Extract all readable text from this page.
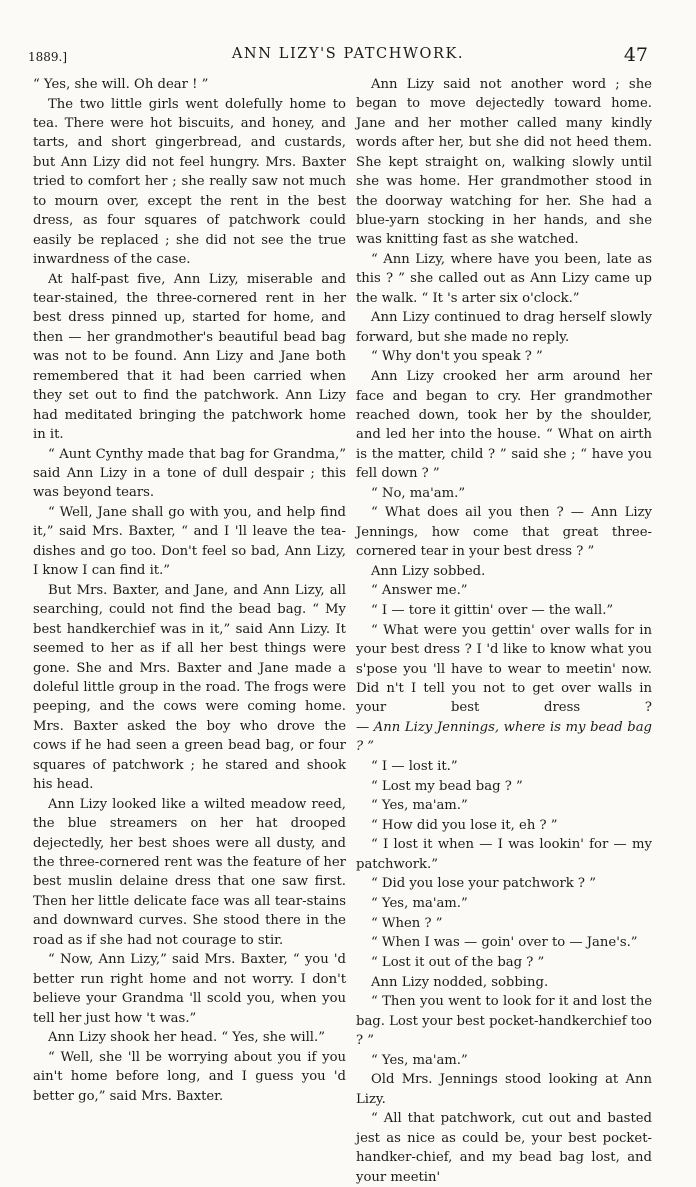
1889.]	ANN LIZY'S PATCHWORK.	47

“ Yes, she will. Oh dear ! ”

The two little girls went dolefully home to tea. There were hot biscuits, and honey, and tarts, and short gingerbread, and custards, but Ann Lizy did not feel hungry. Mrs. Baxter tried to comfort her ; she really saw not much to mourn over, except the rent in the best dress, as four squares of patchwork could easily be replaced ; she did not see the true inwardness of the case.

At half-past five, Ann Lizy, miserable and tear-stained, the three-cornered rent in her best dress pinned up, started for home, and then — her grandmother's beautiful bead bag was not to be found. Ann Lizy and Jane both remembered that it had been carried when they set out to find the patchwork. Ann Lizy had meditated bringing the patchwork home in it.

“ Aunt Cynthy made that bag for Grandma,” said Ann Lizy in a tone of dull despair ; this was beyond tears.

“ Well, Jane shall go with you, and help find it,” said Mrs. Baxter, “ and I 'll leave the tea-dishes and go too. Don't feel so bad, Ann Lizy, I know I can find it.”

But Mrs. Baxter, and Jane, and Ann Lizy, all searching, could not find the bead bag. “ My best handkerchief was in it,” said Ann Lizy. It seemed to her as if all her best things were gone. She and Mrs. Baxter and Jane made a doleful little group in the road. The frogs were peeping, and the cows were coming home. Mrs. Baxter asked the boy who drove the cows if he had seen a green bead bag, or four squares of patchwork ; he stared and shook his head.

Ann Lizy looked like a wilted meadow reed, the blue streamers on her hat drooped dejectedly, her best shoes were all dusty, and the three-cornered rent was the feature of her best muslin delaine dress that one saw first. Then her little delicate face was all tear-stains and downward curves. She stood there in the road as if she had not courage to stir.

“ Now, Ann Lizy,” said Mrs. Baxter, “ you 'd better run right home and not worry. I don't believe your Grandma 'll scold you, when you tell her just how 't was.”

Ann Lizy shook her head. “ Yes, she will.”

“ Well, she 'll be worrying about you if you ain't home before long, and I guess you 'd better go,” said Mrs. Baxter.

Ann Lizy said not another word ; she began to move dejectedly toward home. Jane and her mother called many kindly words after her, but she did not heed them. She kept straight on, walking slowly until she was home. Her grandmother stood in the doorway watching for her. She had a blue-yarn stocking in her hands, and she was knitting fast as she watched.

“ Ann Lizy, where have you been, late as this ? ” she called out as Ann Lizy came up the walk. “ It 's arter six o'clock.”

Ann Lizy continued to drag herself slowly forward, but she made no reply.

“ Why don't you speak ? ”

Ann Lizy crooked her arm around her face and began to cry. Her grandmother reached down, took her by the shoulder, and led her into the house. “ What on airth is the matter, child ? ” said she ; “ have you fell down ? ”

“ No, ma'am.”

“ What does ail you then ? — Ann Lizy Jennings, how come that great three-cornered tear in your best dress ? ”

Ann Lizy sobbed.

“ Answer me.”

“ I — tore it gittin' over — the wall.”

“ What were you gettin' over walls for in your best dress ? I 'd like to know what you s'pose you 'll have to wear to meetin' now. Did n't I tell you not to get over walls in your best dress ?

— Ann Lizy Jennings, where is my bead bag ? ”

“ I — lost it.”

“ Lost my bead bag ? ”

“ Yes, ma'am.”

“ How did you lose it, eh ? ”

“ I lost it when — I was lookin' for — my patchwork.”

“ Did you lose your patchwork ? ”

“ Yes, ma'am.”

“ When ? ”

“ When I was — goin' over to — Jane's.”

“ Lost it out of the bag ? ”

Ann Lizy nodded, sobbing.

“ Then you went to look for it and lost the bag. Lost your best pocket-handkerchief too ? ”

“ Yes, ma'am.”

Old Mrs. Jennings stood looking at Ann Lizy.

“ All that patchwork, cut out and basted jest as nice as could be, your best pocket-handker-chief, and my bead bag lost, and your meetin'
